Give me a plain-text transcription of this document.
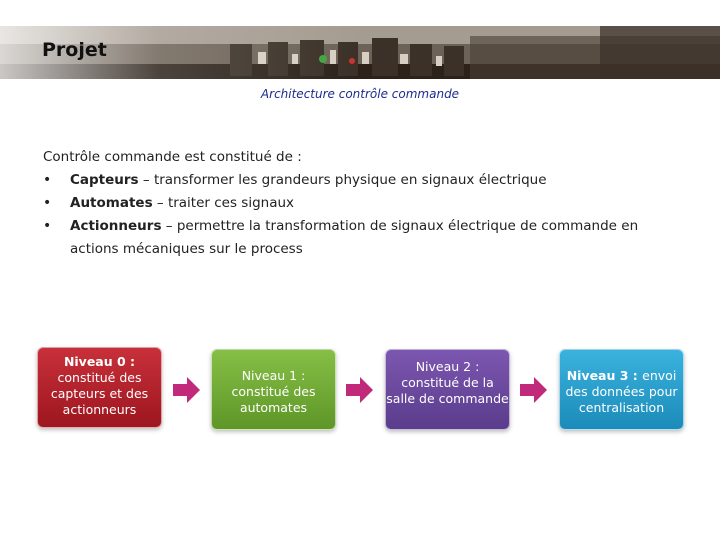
Projet
Architecture contrôle commande

Contrôle commande est constitué de :

• Capteurs – transformer les grandeurs physique en signaux électrique
• Automates – traiter ces signaux
• Actionneurs – permettre la transformation de signaux électrique de commande en actions mécaniques sur le process
Niveau 0 :
constitué des capteurs et des actionneurs
Niveau 1 :
constitué des automates
Niveau 2 :
constitué de la salle de commande
Niveau 3 : envoi des données pour centralisation
